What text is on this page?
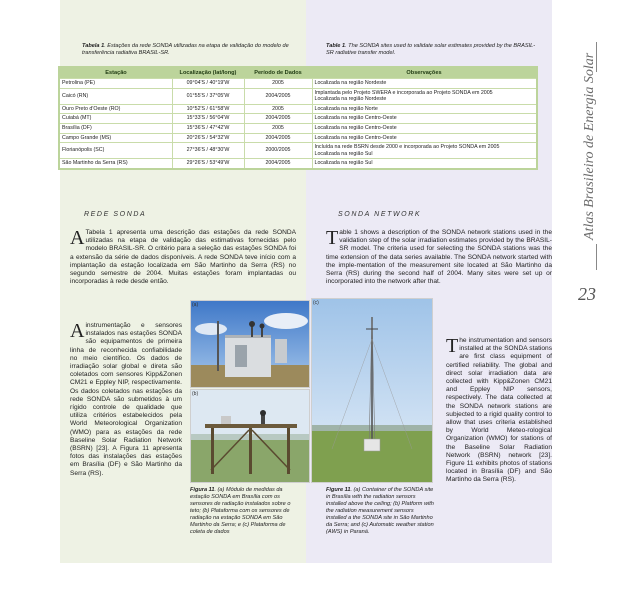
Tabela 1. Estações da rede SONDA utilizadas na etapa de validação do modelo de transferência radiativa BRASIL-SR.
Table 1. The SONDA sites used to validate solar estimates provided by the BRASIL-SR radiative transfer model.
Estação	Localização (lat/long)	Período de Dados	Observações
Petrolina (PE)	09°04'S / 40°19'W	2005	Localizada na região Nordeste

Caicó (RN)	01°55'S / 37°05'W	2004/2005	Implantada pelo Projeto SWERA e incorporada ao Projeto SONDA em 2005
Localizada na região Nordeste

Ouro Preto d'Oeste (RO)	10°52'S / 61°58'W	2005	Localizada na região Norte

Cuiabá (MT)	15°33'S / 56°04'W	2004/2005	Localizada na região Centro-Oeste

Brasília (DF)	15°36'S / 47°42'W	2005	Localizada na região Centro-Oeste

Campo Grande (MS)	20°26'S / 54°32'W	2004/2005	Localizada na região Centro-Oeste

Florianópolis (SC)	27°36'S / 48°30'W	2000/2005	Incluída na rede BSRN desde 2000 e incorporada ao Projeto SONDA em 2005
Localizada na região Sul

São Martinho da Serra (RS)	29°26'S / 53°49'W	2004/2005	Localizada na região Sul
REDE SONDA
A Tabela 1 apresenta uma descrição das estações da rede SONDA utilizadas na etapa de validação das estimativas fornecidas pelo modelo BRASIL-SR. O critério para a seleção das estações SONDA foi a extensão da série de dados disponíveis. A rede SONDA teve início com a implantação da estação localizada em São Martinho da Serra (RS) no segundo semestre de 2004. Muitas estações foram implantadas ou incorporadas à rede desde então.
A instrumentação e sensores instalados nas estações SONDA são equipamentos de primeira linha de reconhecida confiabilidade no meio científico. Os dados de irradiação solar global e direta são coletados com sensores Kipp&Zonen CM21 e Eppley NIP, respectivamente. Os dados coletados nas estações da rede SONDA são submetidos à um rígido controle de qualidade que utiliza critérios estabelecidos pela World Meteorological Organization (WMO) para as estações da rede Baseline Solar Radiation Network (BSRN) [23]. A Figura 11 apresenta fotos das instalações das estações em Brasília (DF) e São Martinho da Serra (RS).
SONDA NETWORK
Table 1 shows a description of the SONDA network stations used in the validation step of the solar irradiation estimates provided by the BRASIL-SR model. The criteria used for selecting the SONDA stations was the time extension of the data series available. The SONDA network started with the imple-mentation of the measurement site located at São Martinho da Serra (RS) during the second half of 2004. Many sites were set up or incorporated into the network after that.
The instrumentation and sensors installed at the SONDA stations are first class equipment of certified reliability. The global and direct solar irradiation data are collected with Kipp&Zonen CM21 and Eppley NIP sensors, respectively. The data collected at the SONDA network stations are subjected to a rigid quality control to allow that uses criteria established by World Meteo-rological Organization (WMO) for stations of the Baseline Solar Radiation Network (BSRN) network [23]. Figure 11 exhibits photos of stations located in Brasília (DF) and São Martinho da Serra (RS).
(a)
(b)
(c)
Figura 11. (a) Módulo de medidas da estação SONDA em Brasília com os sensores de radiação instalados sobre o teto; (b) Plataforma com os sensores de radiação na estação SONDA em São Martinho da Serra; e (c) Plataforma de coleta de dados
Figure 11. (a) Container of the SONDA site in Brasília with the radiation sensors installed above the ceiling; (b) Platform with the radiation measurement sensors installed a the SONDA site in São Martinho da Serra; and (c) Automatic weather station (AWS) in Paraná.
Atlas Brasileiro de Energia Solar
23
